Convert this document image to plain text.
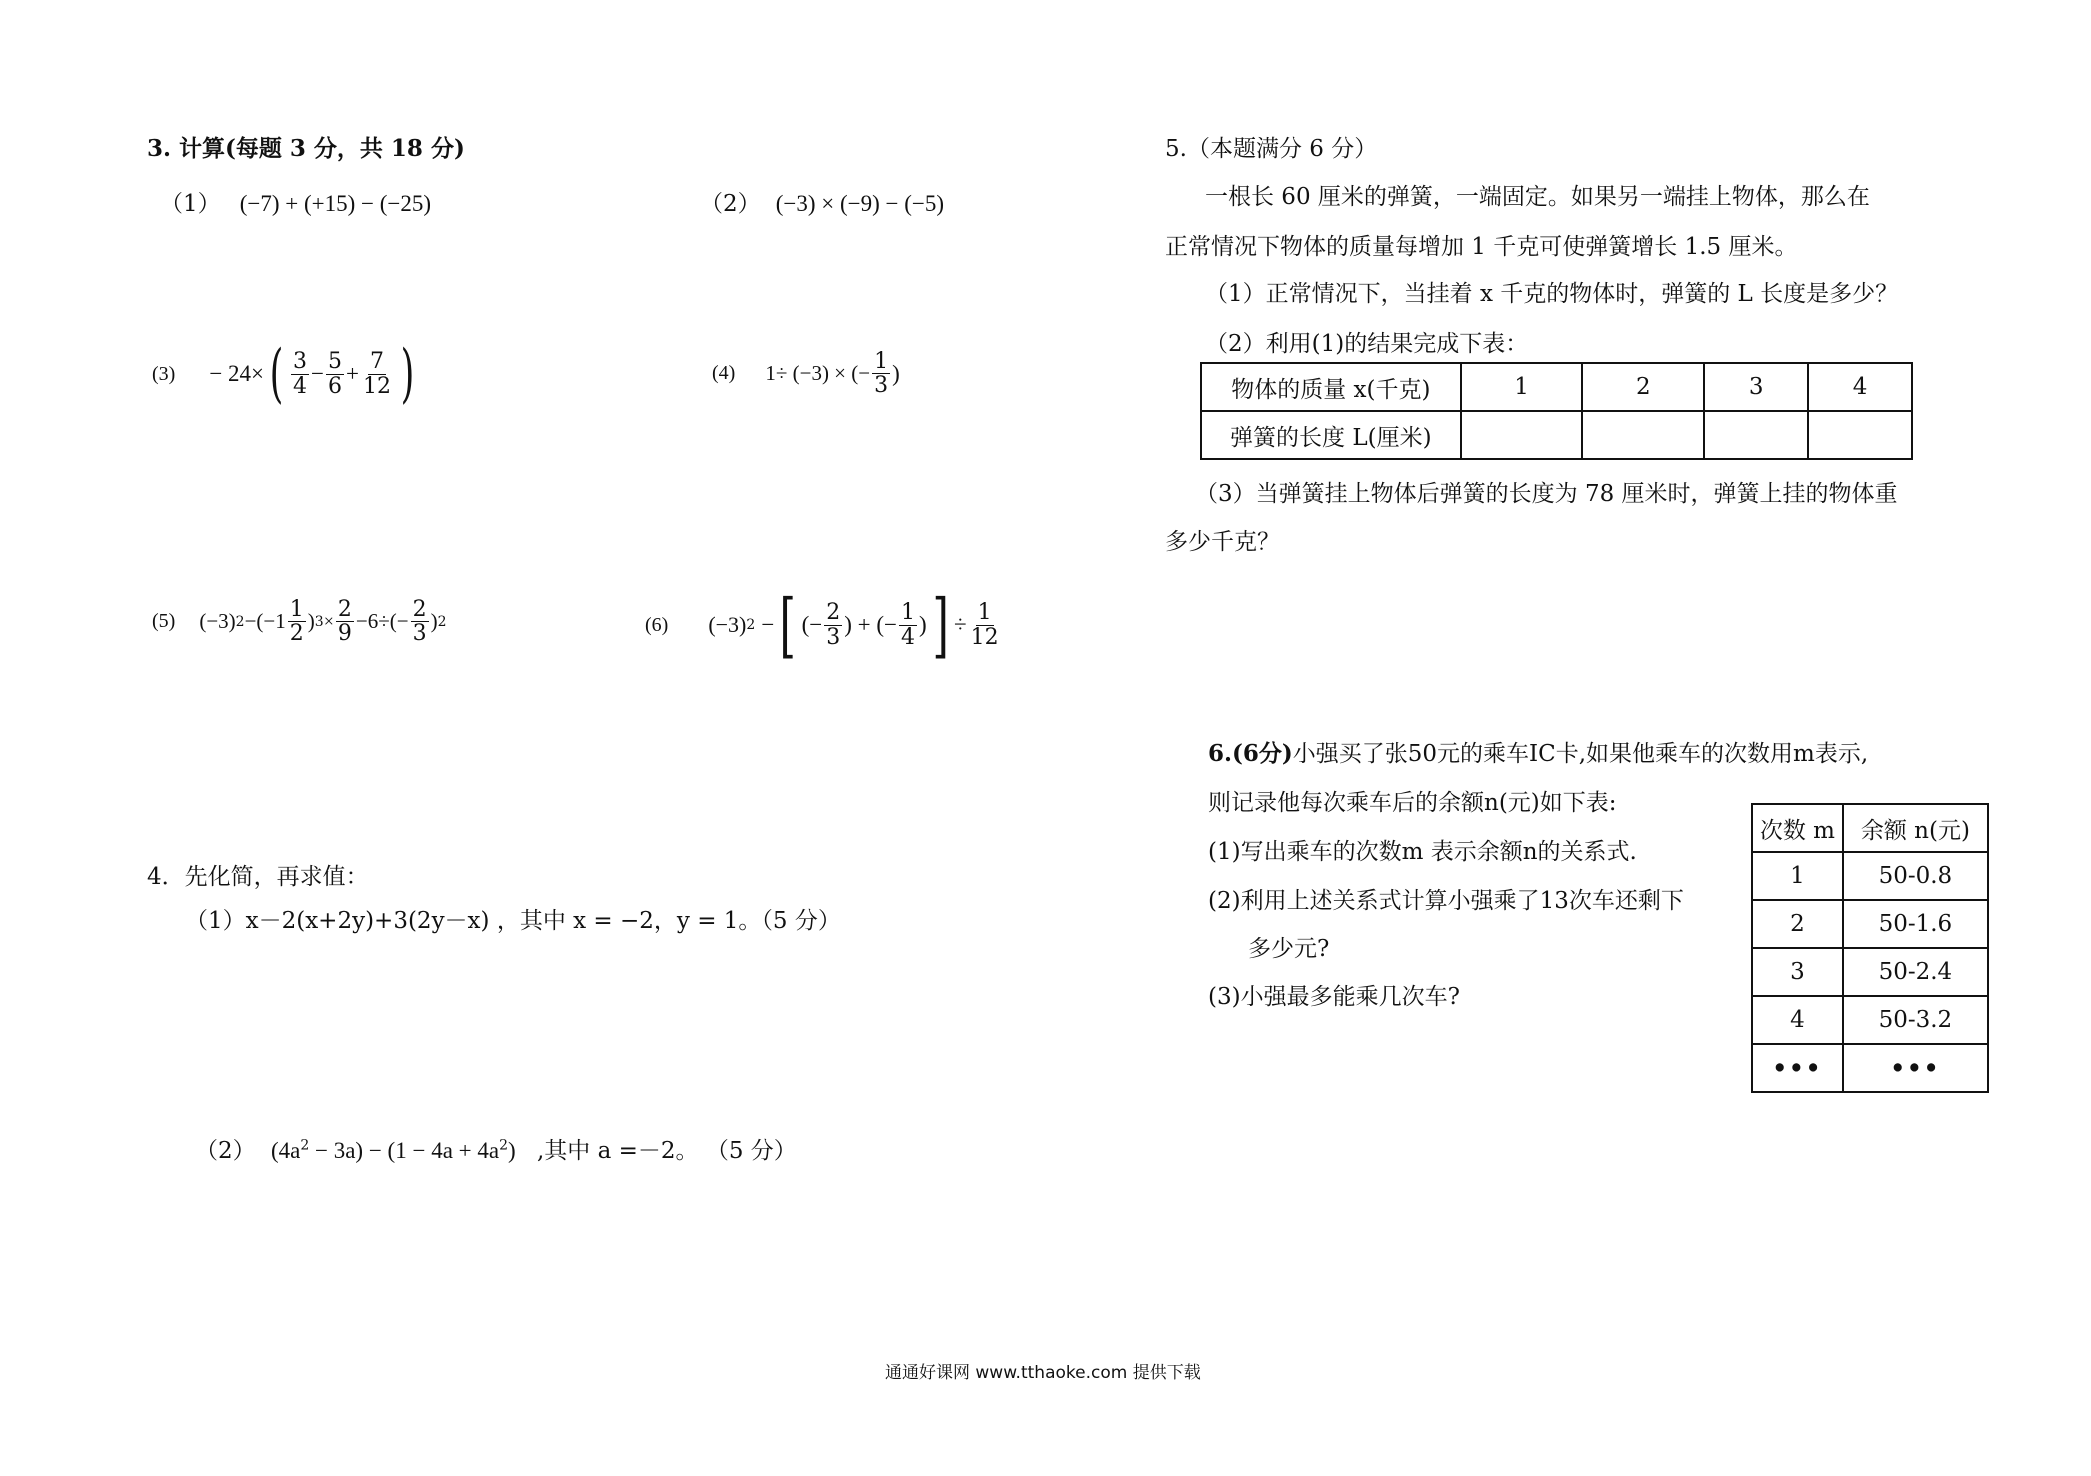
3. 计算(每题 3 分，共 18 分)
（1） (−7) + (+15) − (−25)	（2） (−3) × (−9) − (−5)
(3) − 24× ( $\frac{3}{4} - \frac{5}{6} + \frac{7}{12}$ )	(4) 1÷ (−3) × (− $\frac{1}{3}$ )
(5) (−3) $2 -(-1 \frac{1}{2}$ ) $3 \times \frac{2}{9} -6\div(- \frac{2}{3}$ ) 2	(6) (−3) 2 − [ (− $\frac{2}{3}$ ) + (− $\frac{1}{4}$ ) ] ÷ $\frac{1}{12}$
4．先化简，再求值：
（1）x－2(x+2y)+3(2y－x) ，其中 x = −2，y = 1。（5 分）
（2） $(4a^2 - 3a) - (1 - 4a + 4a^2)$ ,其中 a =－2。 （5 分）
5.（本题满分 6 分）
一根长 60 厘米的弹簧，一端固定。如果另一端挂上物体，那么在
正常情况下物体的质量每增加 1 千克可使弹簧增长 1.5 厘米。
（1）正常情况下，当挂着 x 千克的物体时，弹簧的 L 长度是多少？
（2）利用(1)的结果完成下表：
物体的质量 x(千克)	1	2	3	4
弹簧的长度 L(厘米)				
（3）当弹簧挂上物体后弹簧的长度为 78 厘米时，弹簧上挂的物体重
多少千克？
6.(6分)小强买了张50元的乘车IC卡,如果他乘车的次数用m表示,
则记录他每次乘车后的余额n(元)如下表:
(1)写出乘车的次数m 表示余额n的关系式.
(2)利用上述关系式计算小强乘了13次车还剩下
多少元?
(3)小强最多能乘几次车?
次数 m	余额 n(元)
1	50-0.8
2	50-1.6
3	50-2.4
4	50-3.2
•••	•••
通通好课网 www.tthaoke.com 提供下载
